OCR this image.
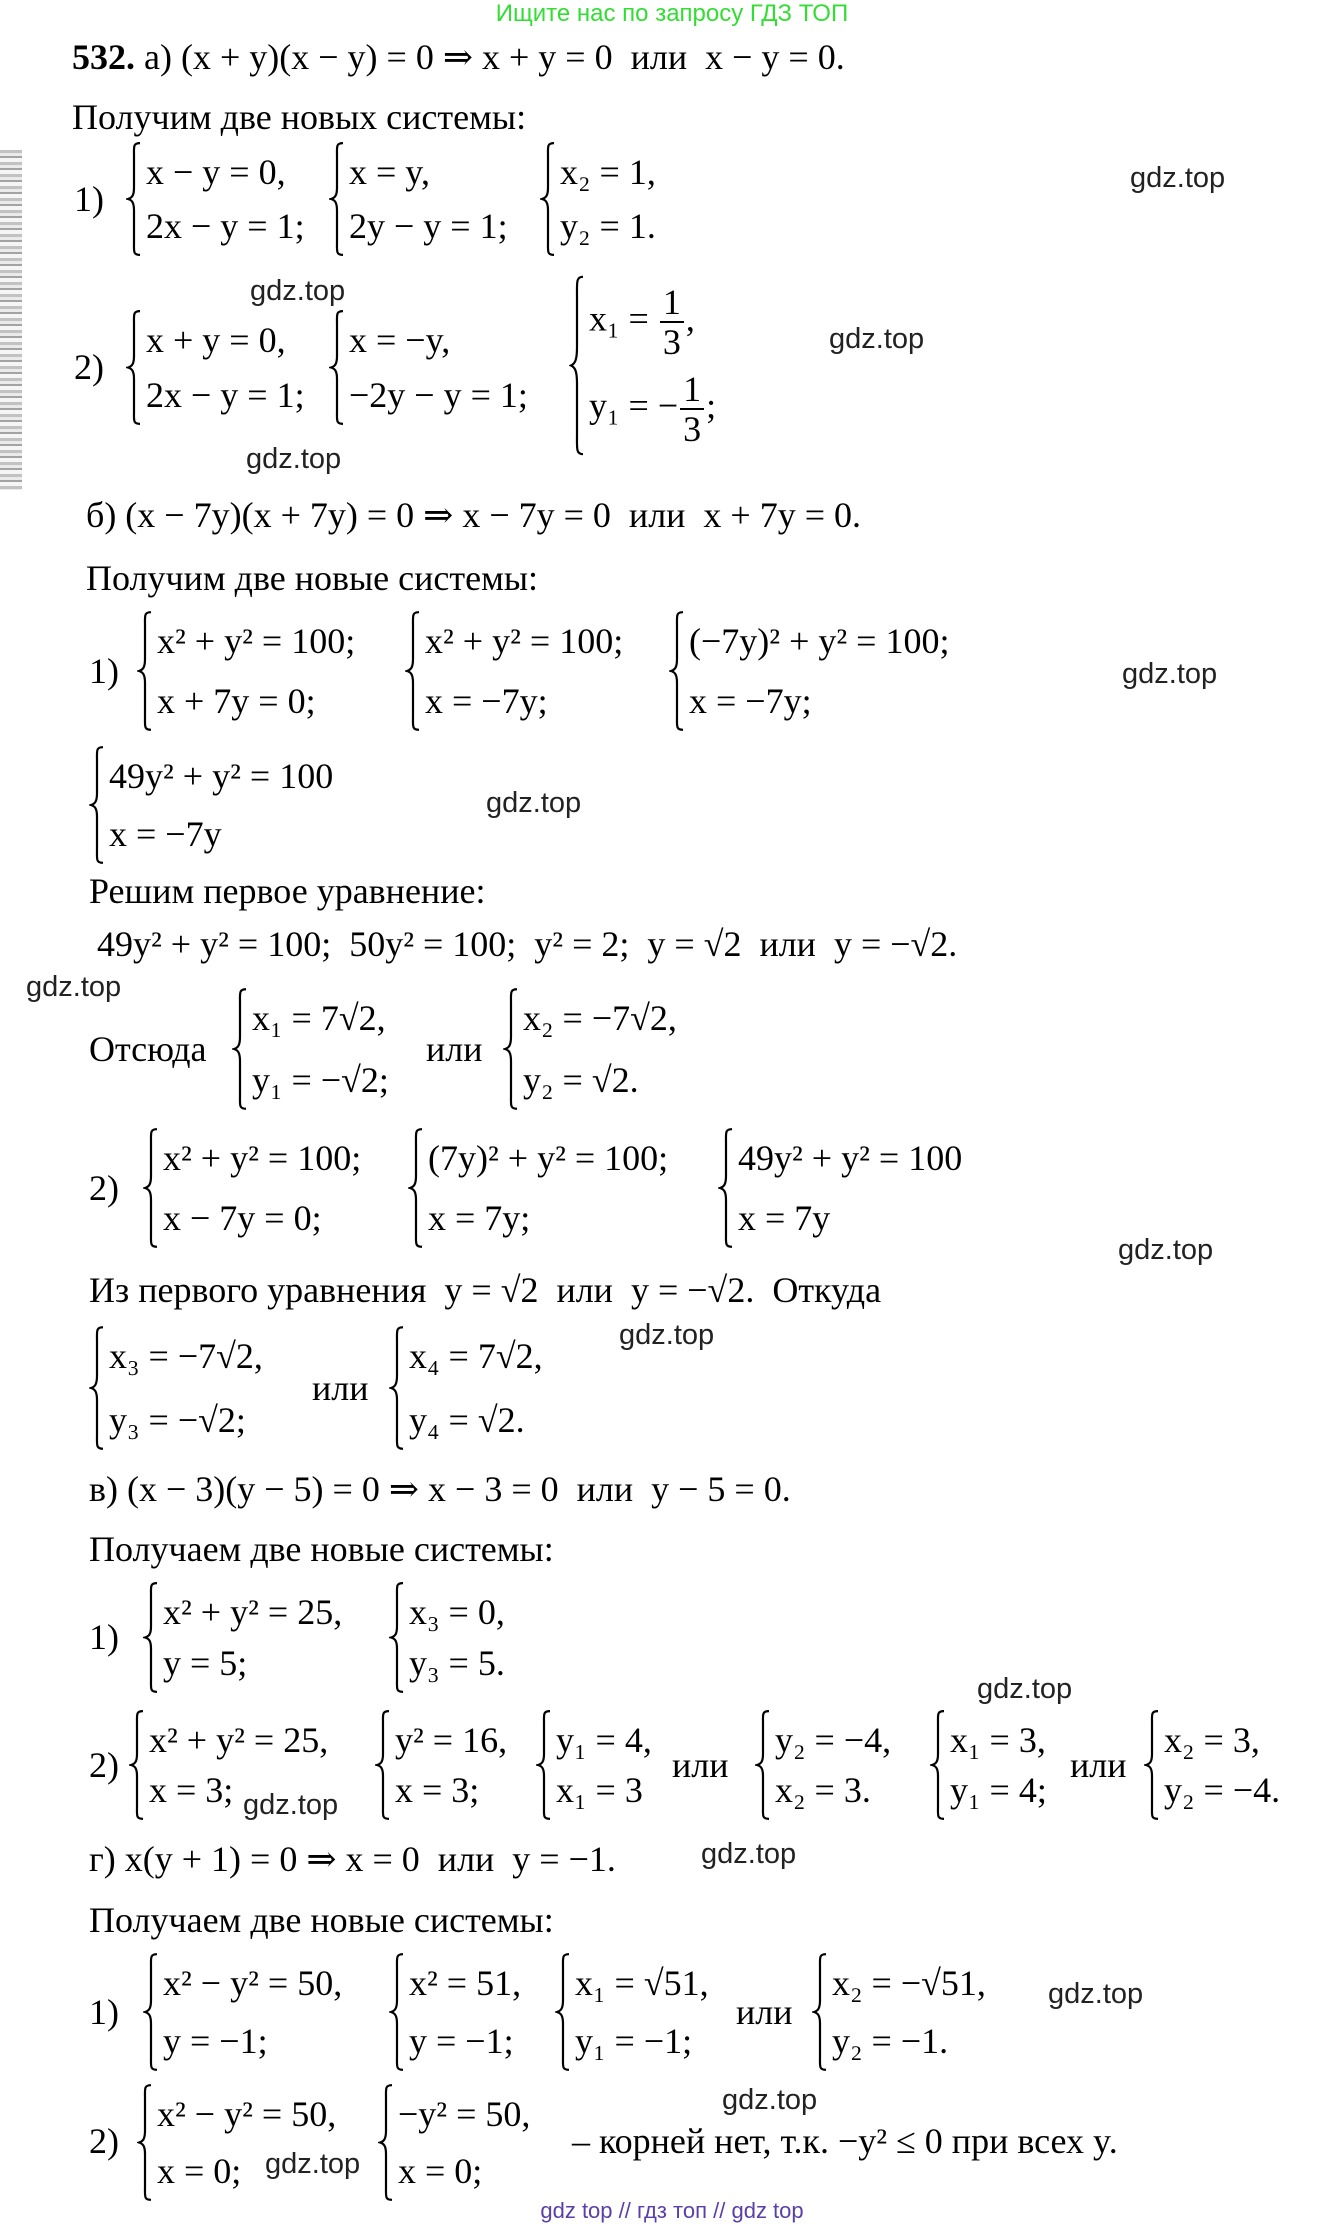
Ищите нас по запросу ГДЗ ТОП
532. а) (x + y)(x − y) = 0 ⇒ x + y = 0  или  x − y = 0.
Получим две новых системы:
1)
x − y = 0,
2x − y = 1;
x = y,
2y − y = 1;
x₂ = 1,
y₂ = 1.
gdz.top
gdz.top
2)
x + y = 0,
2x − y = 1;
x = −y,
−2y − y = 1;
$x_1 = \frac{1}{3}$ ,
y₁ = − $\frac{1}{3}$ ;
gdz.top
gdz.top
б) (x − 7y)(x + 7y) = 0 ⇒ x − 7y = 0  или  x + 7y = 0.
Получим две новые системы:
1)
x² + y² = 100;
x + 7y = 0;
x² + y² = 100;
x = −7y;
(−7y)² + y² = 100;
x = −7y;
gdz.top
49y² + y² = 100
x = −7y
gdz.top
Решим первое уравнение:
49y² + y² = 100;  50y² = 100;  y² = 2;  y = √2  или  y = −√2.
gdz.top
Отсюда
x₁ = 7√2,
y₁ = −√2;
или
x₂ = −7√2,
y₂ = √2.
2)
x² + y² = 100;
x − 7y = 0;
(7y)² + y² = 100;
x = 7y;
49y² + y² = 100
x = 7y
gdz.top
Из первого уравнения  y = √2  или  y = −√2.  Откуда
x₃ = −7√2,
y₃ = −√2;
или
x₄ = 7√2,
y₄ = √2.
gdz.top
в) (x − 3)(y − 5) = 0 ⇒ x − 3 = 0  или  y − 5 = 0.
Получаем две новые системы:
1)
x² + y² = 25,
y = 5;
x₃ = 0,
y₃ = 5.
gdz.top
2)
x² + y² = 25,
x = 3; gdz.top
y² = 16,
x = 3;
y₁ = 4,
x₁ = 3
или
y₂ = −4,
x₂ = 3.
x₁ = 3,
y₁ = 4;
или
x₂ = 3,
y₂ = −4.
г) x(y + 1) = 0 ⇒ x = 0  или  y = −1.	gdz.top
Получаем две новые системы:
1)
x² − y² = 50,
y = −1;
x² = 51,
y = −1;
x₁ = √51,
y₁ = −1;
или
x₂ = −√51,
y₂ = −1.
gdz.top
2)
x² − y² = 50,
x = 0; gdz.top
−y² = 50,
x = 0;
– корней нет, т.к. −y² ≤ 0 при всех y.
gdz.top
gdz top // гдз топ // gdz top
